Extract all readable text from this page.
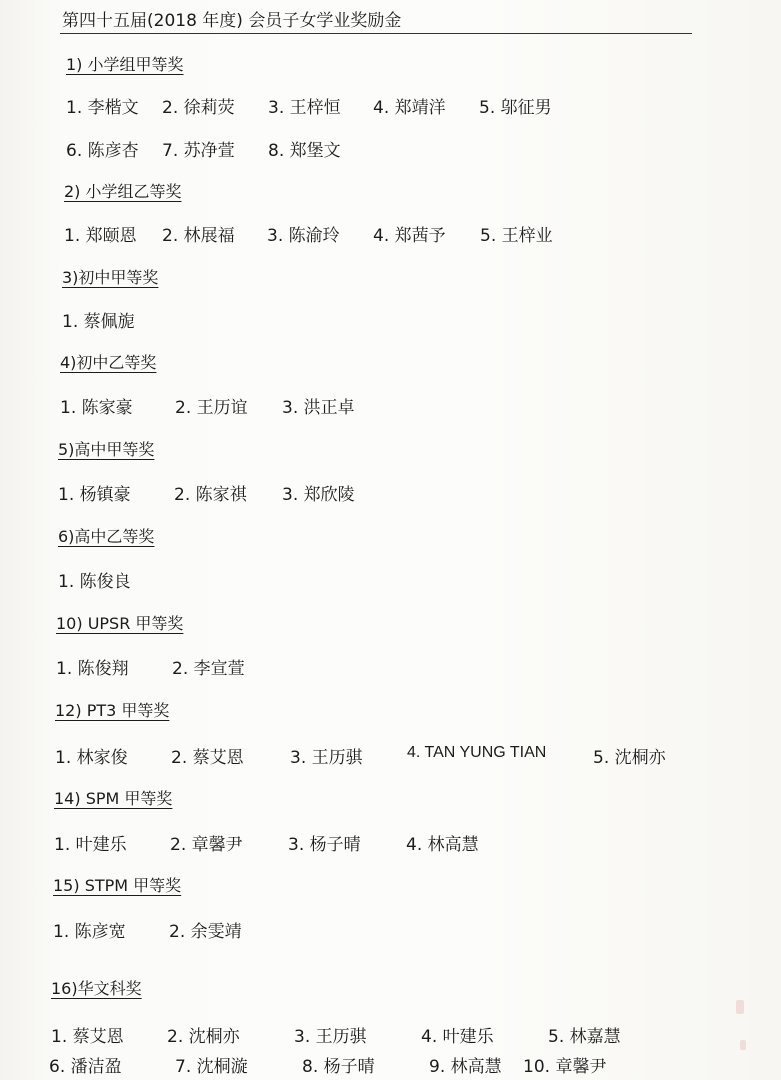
第四十五届(2018 年度) 会员子女学业奖励金
1) 小学组甲等奖
1. 李楷文 2. 徐莉荧 3. 王梓恒 4. 郑靖洋 5. 邬征男
6. 陈彦杏 7. 苏净萱 8. 郑堡文
2) 小学组乙等奖
1. 郑颐恩 2. 林展福 3. 陈渝玲 4. 郑茜予 5. 王梓业
3)初中甲等奖
1. 蔡佩旎
4)初中乙等奖
1. 陈家豪 2. 王历谊 3. 洪正卓
5)高中甲等奖
1. 杨镇豪	2. 陈家祺 3. 郑欣陵
6)高中乙等奖
1. 陈俊良
10) UPSR 甲等奖
1. 陈俊翔	2. 李宣萱
12) PT3 甲等奖
1. 林家俊	2. 蔡艾恩	3. 王历骐	4. TAN YUNG TIAN	5. 沈桐亦
14) SPM 甲等奖
1. 叶建乐	2. 章馨尹	3. 杨子晴	4. 林高慧
15) STPM 甲等奖
1. 陈彦宽	2. 余雯靖
16)华文科奖
1. 蔡艾恩	2. 沈桐亦	3. 王历骐	4. 叶建乐	5. 林嘉慧
6. 潘洁盈	7. 沈桐漩	8. 杨子晴	9. 林高慧 10. 章馨尹
